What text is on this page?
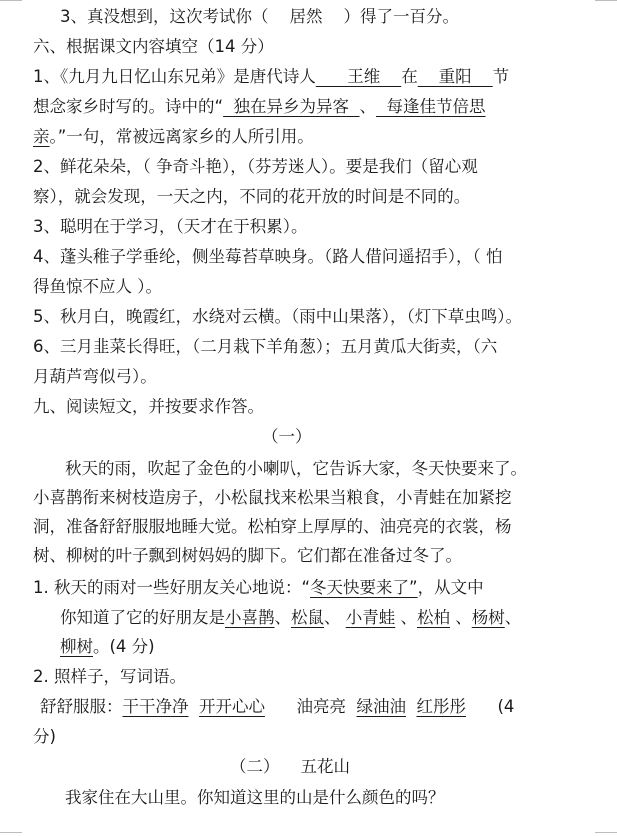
3、真没想到，这次考试你（    居然    ）得了一百分。
六、根据课文内容填空（14 分）
1、《九月九日忆山东兄弟》是唐代诗人      王维    在    重阳    节
想念家乡时写的。诗中的“  独在异乡为异客  、  每逢佳节倍思
亲。”一句，常被远离家乡的人所引用。
2、鲜花朵朵，（ 争奇斗艳），（芬芳迷人）。要是我们（留心观
察），就会发现，一天之内，不同的花开放的时间是不同的。
3、聪明在于学习，（天才在于积累）。
4、蓬头稚子学垂纶，侧坐莓苔草映身。（路人借问遥招手），（ 怕
得鱼惊不应人 ）。
5、秋月白，晚霞红，水绕对云横。（雨中山果落），（灯下草虫鸣）。
6、三月韭菜长得旺，（二月栽下羊角葱）；五月黄瓜大街卖，（六
月葫芦弯似弓）。
九、阅读短文，并按要求作答。
（一）
秋天的雨，吹起了金色的小喇叭，它告诉大家，冬天快要来了。
小喜鹊衔来树枝造房子，小松鼠找来松果当粮食，小青蛙在加紧挖
洞，准备舒舒服服地睡大觉。松柏穿上厚厚的、油亮亮的衣裳，杨
树、柳树的叶子飘到树妈妈的脚下。它们都在准备过冬了。
1. 秋天的雨对一些好朋友关心地说：“冬天快要来了”，从文中
你知道了它的好朋友是小喜鹊、松鼠、 小青蛙 、松柏 、杨树、
柳树。(4 分)
2. 照样子，写词语。
舒舒服服：干干净净 开开心心      油亮亮  绿油油 红彤彤      (4
分)
（二）    五花山
我家住在大山里。你知道这里的山是什么颜色的吗？
